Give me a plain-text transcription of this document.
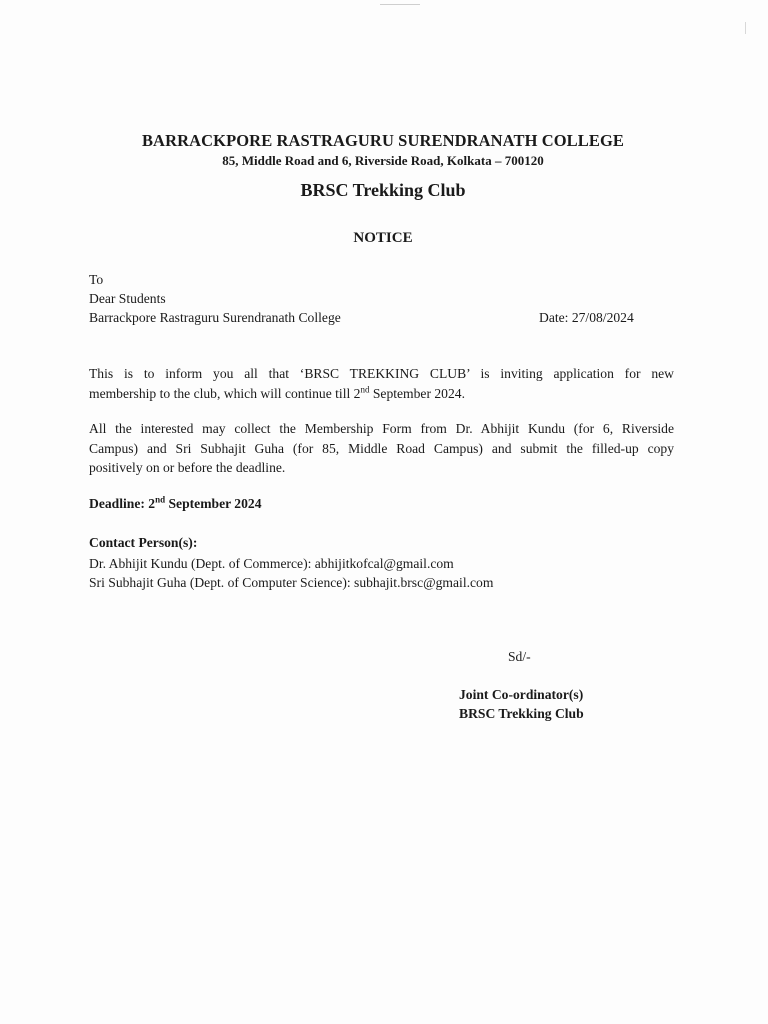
BARRACKPORE RASTRAGURU SURENDRANATH COLLEGE
85, Middle Road and 6, Riverside Road, Kolkata – 700120
BRSC Trekking Club
NOTICE
To
Dear Students
Barrackpore Rastraguru Surendranath College	Date: 27/08/2024
This is to inform you all that ‘BRSC TREKKING CLUB’ is inviting application for new
membership to the club, which will continue till 2nd September 2024.
All the interested may collect the Membership Form from Dr. Abhijit Kundu (for 6, Riverside
Campus) and Sri Subhajit Guha (for 85, Middle Road Campus) and submit the filled-up copy
positively on or before the deadline.
Deadline: 2nd September 2024
Contact Person(s):
Dr. Abhijit Kundu (Dept. of Commerce): abhijitkofcal@gmail.com
Sri Subhajit Guha (Dept. of Computer Science): subhajit.brsc@gmail.com
Sd/-
Joint Co-ordinator(s)
BRSC Trekking Club
